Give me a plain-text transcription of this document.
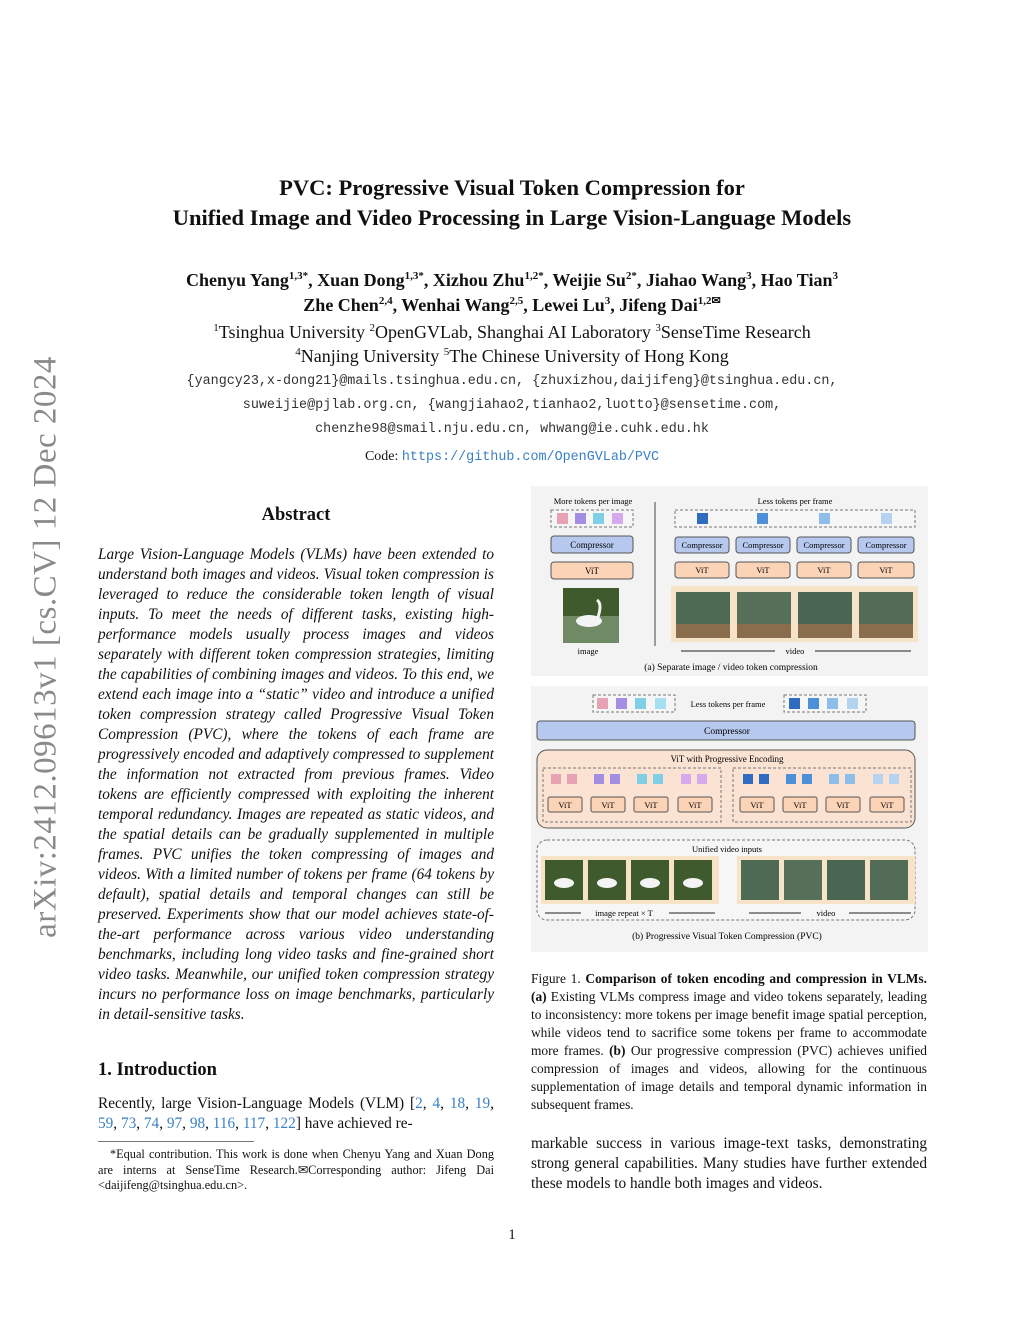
arXiv:2412.09613v1 [cs.CV] 12 Dec 2024
PVC: Progressive Visual Token Compression for
Unified Image and Video Processing in Large Vision-Language Models
Chenyu Yang$^{1,3*}$, Xuan Dong$^{1,3*}$, Xizhou Zhu$^{1,2*}$, Weijie $Su^{2*}$, Jiahao Wang$^3$, Hao Tian$^3$
Zhe Chen$^{2,4}$, Wenhai Wang$^{2,5}$, Lewei Lu$^3$, Jifeng Dai$^{1,2✉}$
$^1$Tsinghua University $^2$OpenGVLab, Shanghai AI Laboratory $^3$SenseTime Research
$^4$Nanjing University $^5$The Chinese University of Hong Kong
{yangcy23,x-dong21}@mails.tsinghua.edu.cn, {zhuxizhou,daijifeng}@tsinghua.edu.cn,
suweijie@pjlab.org.cn, {wangjiahao2,tianhao2,luotto}@sensetime.com,
chenzhe98@smail.nju.edu.cn, whwang@ie.cuhk.edu.hk
Code: https://github.com/OpenGVLab/PVC
Abstract

Large Vision-Language Models (VLMs) have been extended to understand both images and videos. Visual token compression is leveraged to reduce the considerable token length of visual inputs. To meet the needs of different tasks, existing high-performance models usually process images and videos separately with different token compression strategies, limiting the capabilities of combining images and videos. To this end, we extend each image into a “static” video and introduce a unified token compression strategy called Progressive Visual Token Compression (PVC), where the tokens of each frame are progressively encoded and adaptively compressed to supplement the information not extracted from previous frames. Video tokens are efficiently compressed with exploiting the inherent temporal redundancy. Images are repeated as static videos, and the spatial details can be gradually supplemented in multiple frames. PVC unifies the token compressing of images and videos. With a limited number of tokens per frame (64 tokens by default), spatial details and temporal changes can still be preserved. Experiments show that our model achieves state-of-the-art performance across various video understanding benchmarks, including long video tasks and fine-grained short video tasks. Meanwhile, our unified token compression strategy incurs no performance loss on image benchmarks, particularly in detail-sensitive tasks.

1. Introduction
Recently, large Vision-Language Models (VLM) [2, 4, 18, 19, 59, 73, 74, 97, 98, 116, 117, 122] have achieved re-
*Equal contribution. This work is done when Chenyu Yang and Xuan Dong are interns at SenseTime Research.✉Corresponding author: Jifeng Dai <daijifeng@tsinghua.edu.cn>.
More tokens per image	Less tokens per frame
Compressor
ViT
image
Compressor Compressor Compressor Compressor
ViT	ViT	ViT	ViT
video
(a) Separate image / video token compression
Less tokens per frame
Compressor
ViT with Progressive Encoding
ViT	ViT	ViT	ViT	ViT	ViT	ViT	ViT
Unified video inputs
image repeat × T	video
(b) Progressive Visual Token Compression (PVC)
Figure 1. Comparison of token encoding and compression in VLMs. (a) Existing VLMs compress image and video tokens separately, leading to inconsistency: more tokens per image benefit image spatial perception, while videos tend to sacrifice some tokens per frame to accommodate more frames. (b) Our progressive compression (PVC) achieves unified compression of images and videos, allowing for the continuous supplementation of image details and temporal dynamic information in subsequent frames.
markable success in various image-text tasks, demonstrating strong general capabilities. Many studies have further extended these models to handle both images and videos.
1
